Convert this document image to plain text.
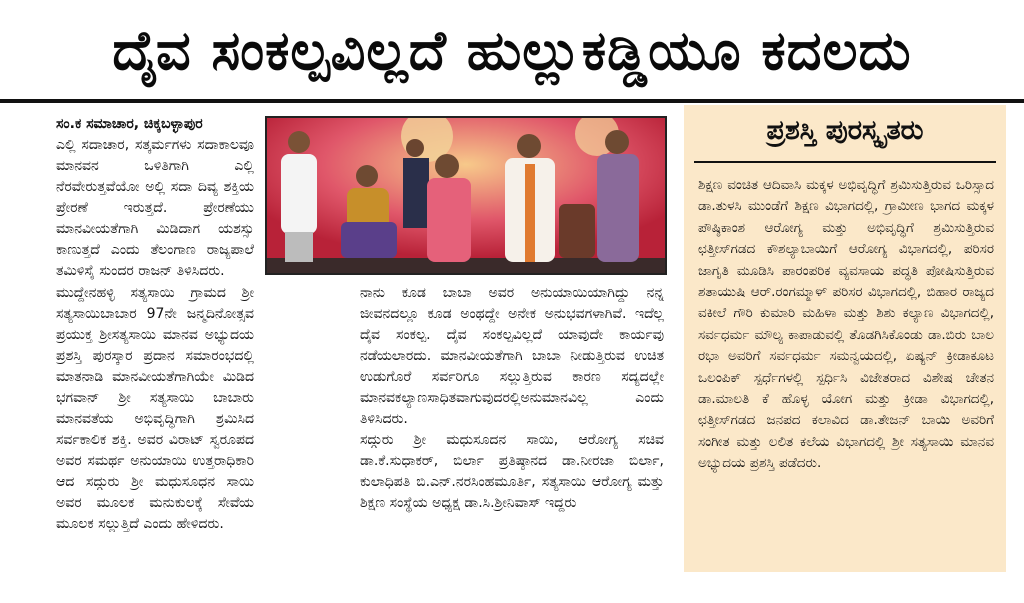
ದೈವ ಸಂಕಲ್ಪವಿಲ್ಲದೆ ಹುಲ್ಲುಕಡ್ಡಿಯೂ ಕದಲದು

ಸಂ.ಕ ಸಮಾಚಾರ, ಚಿಕ್ಕಬಳ್ಳಾಪುರ

ಎಲ್ಲಿ ಸದಾಚಾರ, ಸತ್ಕರ್ಮಗಳು ಸದಾಕಾಲವೂ ಮಾನವನ ಒಳಿತಿಗಾಗಿ ಎಲ್ಲಿ ನೆರವೇರುತ್ತವೆಯೋ ಅಲ್ಲಿ ಸದಾ ದಿವ್ಯ ಶಕ್ತಿಯ ಪ್ರೇರಣೆ ಇರುತ್ತದೆ. ಪ್ರೇರಣೆಯು ಮಾನವೀಯತೆಗಾಗಿ ಮಿಡಿದಾಗ ಯಶಸ್ಸು ಕಾಣುತ್ತದೆ ಎಂದು ತೆಲಂಗಾಣ ರಾಜ್ಯಪಾಲೆ ತಮಿಳಿಸೈ ಸುಂದರ ರಾಜನ್ ತಿಳಿಸಿದರು.

ಮುದ್ದೇನಹಳ್ಳಿ ಸತ್ಯಸಾಯಿ ಗ್ರಾಮದ ಶ್ರೀ ಸತ್ಯಸಾಯಿಬಾಬಾರ 97ನೇ ಜನ್ಮದಿನೋತ್ಸವ ಪ್ರಯುಕ್ತ ಶ್ರೀಸತ್ಯಸಾಯಿ ಮಾನವ ಅಭ್ಯುದಯ ಪ್ರಶಸ್ತಿ ಪುರಸ್ಕಾರ ಪ್ರದಾನ ಸಮಾರಂಭದಲ್ಲಿ ಮಾತನಾಡಿ ಮಾನವೀಯತೆಗಾಗಿಯೇ ಮಿಡಿದ ಭಗವಾನ್ ಶ್ರೀ ಸತ್ಯಸಾಯಿ ಬಾಬಾರು ಮಾನವತೆಯ ಅಭಿವೃದ್ಧಿಗಾಗಿ ಶ್ರಮಿಸಿದ ಸರ್ವಕಾಲಿಕ ಶಕ್ತಿ. ಅವರ ವಿರಾಟ್ ಸ್ವರೂಪದ ಅವರ ಸಮರ್ಥ ಅನುಯಾಯಿ ಉತ್ತರಾಧಿಕಾರಿ ಆದ ಸದ್ಗುರು ಶ್ರೀ ಮಧುಸೂಧನ ಸಾಯಿ ಅವರ ಮೂಲಕ ಮನುಕುಲಕ್ಕೆ ಸೇವೆಯ ಮೂಲಕ ಸಲ್ಲುತ್ತಿದೆ ಎಂದು ಹೇಳಿದರು.

ನಾನು ಕೂಡ ಬಾಬಾ ಅವರ ಅನುಯಾಯಿಯಾಗಿದ್ದು ನನ್ನ ಜೀವನದಲ್ಲೂ ಕೂಡ ಅಂಥದ್ದೇ ಅನೇಕ ಅನುಭವಗಳಾಗಿವೆ. ಇದೆಲ್ಲ ದೈವ ಸಂಕಲ್ಪ. ದೈವ ಸಂಕಲ್ಪವಿಲ್ಲದೆ ಯಾವುದೇ ಕಾರ್ಯವು ನಡೆಯಲಾರದು. ಮಾನವೀಯತೆಗಾಗಿ ಬಾಬಾ ನೀಡುತ್ತಿರುವ ಉಚಿತ ಉಡುಗೊರೆ ಸರ್ವರಿಗೂ ಸಲ್ಲುತ್ತಿರುವ ಕಾರಣ ಸದ್ಯದಲ್ಲೇ ಮಾನವಕಲ್ಯಾಣಸಾಧಿತವಾಗುವುದರಲ್ಲಿಅನುಮಾನವಿಲ್ಲ ಎಂದು ತಿಳಿಸಿದರು.

ಸದ್ಗುರು ಶ್ರೀ ಮಧುಸೂದನ ಸಾಯಿ, ಆರೋಗ್ಯ ಸಚಿವ ಡಾ.ಕೆ.ಸುಧಾಕರ್, ಬಿರ್ಲಾ ಪ್ರತಿಷ್ಠಾನದ ಡಾ.ನೀರಜಾ ಬಿರ್ಲಾ, ಕುಲಾಧಿಪತಿ ಬಿ.ಎನ್.ನರಸಿಂಹಮೂರ್ತಿ, ಸತ್ಯಸಾಯಿ ಆರೋಗ್ಯ ಮತ್ತು ಶಿಕ್ಷಣ ಸಂಸ್ಥೆಯ ಅಧ್ಯಕ್ಷ ಡಾ.ಸಿ.ಶ್ರೀನಿವಾಸ್ ಇದ್ದರು

ಪ್ರಶಸ್ತಿ ಪುರಸ್ಕೃತರು
ಶಿಕ್ಷಣ ವಂಚಿತ ಆದಿವಾಸಿ ಮಕ್ಕಳ ಅಭಿವೃದ್ಧಿಗೆ ಶ್ರಮಿಸುತ್ತಿರುವ ಒರಿಸ್ಸಾದ ಡಾ.ತುಳಸಿ ಮುಂಡೆಗೆ ಶಿಕ್ಷಣ ವಿಭಾಗದಲ್ಲಿ, ಗ್ರಾಮೀಣ ಭಾಗದ ಮಕ್ಕಳ ಪೌಷ್ಠಿಕಾಂಶ ಆರೋಗ್ಯ ಮತ್ತು ಅಭಿವೃದ್ಧಿಗೆ ಶ್ರಮಿಸುತ್ತಿರುವ ಛತ್ತೀಸ್‌ಗಡದ ಕೌಶಲ್ಯಾಬಾಯಿಗೆ ಆರೋಗ್ಯ ವಿಭಾಗದಲ್ಲಿ, ಪರಿಸರ ಜಾಗೃತಿ ಮೂಡಿಸಿ ಪಾರಂಪರಿಕ ವ್ಯವಸಾಯ ಪದ್ಧತಿ ಪೋಷಿಸುತ್ತಿರುವ ಶತಾಯುಷಿ ಆರ್.ರಂಗಮ್ಮಾಳ್ ಪರಿಸರ ವಿಭಾಗದಲ್ಲಿ, ಬಿಹಾರ ರಾಜ್ಯದ ವಕೀಲೆ ಗೌರಿ ಕುಮಾರಿ ಮಹಿಳಾ ಮತ್ತು ಶಿಶು ಕಲ್ಯಾಣ ವಿಭಾಗದಲ್ಲಿ, ಸರ್ವಧರ್ಮ ಮೌಲ್ಯ ಕಾಪಾಡುವಲ್ಲಿ ತೊಡಗಿಸಿಕೊಂಡು ಡಾ.ಬಿರು ಬಾಲ ರಭಾ ಅವರಿಗೆ ಸರ್ವಧರ್ಮ ಸಮನ್ವಯದಲ್ಲಿ, ಏಷ್ಯನ್ ಕ್ರೀಡಾಕೂಟ ಒಲಂಪಿಕ್ ಸ್ಪರ್ಧೆಗಳಲ್ಲಿ ಸ್ಪರ್ಧಿಸಿ ವಿಜೇತರಾದ ವಿಶೇಷ ಚೇತನ ಡಾ.ಮಾಲತಿ ಕೆ ಹೊಳ್ಳ ಯೋಗ ಮತ್ತು ಕ್ರೀಡಾ ವಿಭಾಗದಲ್ಲಿ, ಛತ್ತೀಸ್‌ಗಡದ ಜನಪದ ಕಲಾವಿದ ಡಾ.ತೇಜನ್ ಬಾಯಿ ಅವರಿಗೆ ಸಂಗೀತ ಮತ್ತು ಲಲಿತ ಕಲೆಯ ವಿಭಾಗದಲ್ಲಿ ಶ್ರೀ ಸತ್ಯಸಾಯಿ ಮಾನವ ಅಭ್ಯುದಯ ಪ್ರಶಸ್ತಿ ಪಡೆದರು.
